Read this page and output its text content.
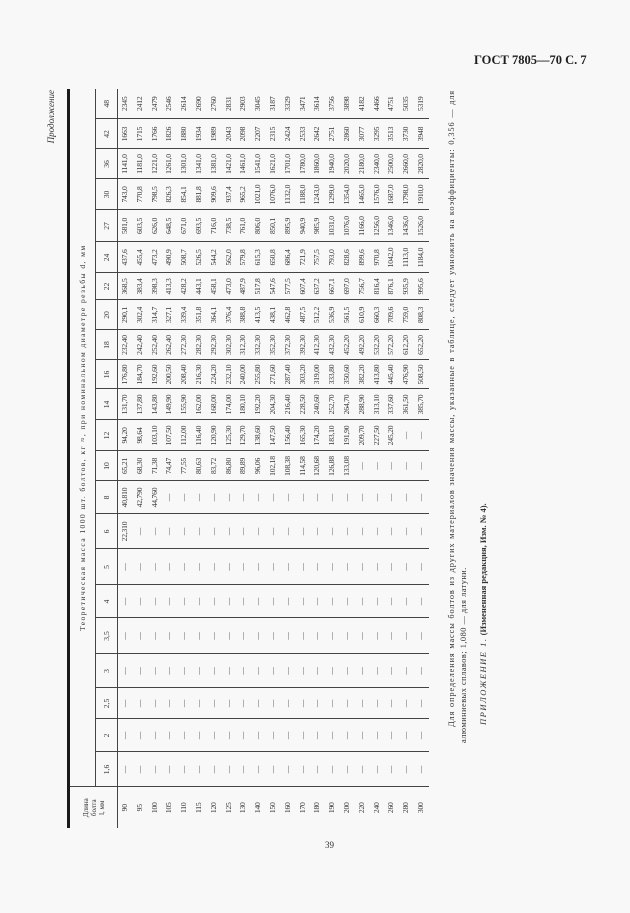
ГОСТ 7805—70 С. 7
Продолжение
Длина болта l, мм	Теоретическая масса 1000 шт. болтов, кг ≈, при номинальном диаметре резьбы d, мм																					
	1,6	2	2,5	3	3,5	4	5	6	8	10	12	14	16	18	20	22	24	27	30	36	42	48
90	—	—	—	—	—	—	—	22,310	40,810	65,21	94,20	131,70	176,80	232,40	290,1	368,5	437,6	581,0	743,0	1141,0	1663	2345
95	—	—	—	—	—	—	—	—	42,790	68,30	98,64	137,80	184,70	242,40	302,4	383,4	455,4	603,5	770,8	1181,0	1715	2412
100	—	—	—	—	—	—	—	—	44,760	71,38	103,10	143,80	192,60	252,40	314,7	398,3	473,2	626,0	798,5	1221,0	1766	2479
105	—	—	—	—	—	—	—	—	—	74,47	107,50	149,90	200,50	262,40	327,1	413,3	490,9	648,5	826,3	1261,0	1826	2546
110	—	—	—	—	—	—	—	—	—	77,55	112,00	155,90	208,40	272,30	339,4	428,2	508,7	671,0	854,1	1301,0	1880	2614
115	—	—	—	—	—	—	—	—	—	80,63	116,40	162,00	216,30	282,30	351,8	443,1	526,5	693,5	881,8	1341,0	1934	2690
120	—	—	—	—	—	—	—	—	—	83,72	120,90	168,00	224,20	292,30	364,1	458,1	544,2	716,0	909,6	1381,0	1989	2760
125	—	—	—	—	—	—	—	—	—	86,80	125,30	174,00	232,10	302,30	376,4	473,0	562,0	738,5	937,4	1421,0	2043	2831
130	—	—	—	—	—	—	—	—	—	89,89	129,70	180,10	240,00	312,30	388,8	487,9	579,8	761,0	965,2	1461,0	2098	2903
140	—	—	—	—	—	—	—	—	—	96,06	138,60	192,20	255,80	332,30	413,5	517,8	615,3	806,0	1021,0	1541,0	2207	3045
150	—	—	—	—	—	—	—	—	—	102,18	147,50	204,30	271,60	352,30	438,1	547,6	650,8	850,1	1076,0	1621,0	2315	3187
160	—	—	—	—	—	—	—	—	—	108,38	156,40	216,40	287,40	372,30	462,8	577,5	686,4	895,9	1132,0	1701,0	2424	3329
170	—	—	—	—	—	—	—	—	—	114,58	165,30	228,50	303,20	392,30	487,5	607,4	721,9	940,9	1188,0	1780,0	2533	3471
180	—	—	—	—	—	—	—	—	—	120,68	174,20	240,60	319,00	412,30	512,2	637,2	757,5	985,9	1243,0	1860,0	2642	3614
190	—	—	—	—	—	—	—	—	—	126,88	183,10	252,70	333,80	432,30	536,9	667,1	793,0	1031,0	1299,0	1940,0	2751	3756
200	—	—	—	—	—	—	—	—	—	133,08	191,90	264,70	350,60	452,20	561,5	697,0	828,6	1076,0	1354,0	2020,0	2860	3898
220	—	—	—	—	—	—	—	—	—	—	209,70	288,90	382,20	492,20	610,9	756,7	899,6	1166,0	1465,0	2180,0	3077	4182
240	—	—	—	—	—	—	—	—	—	—	227,50	313,10	413,80	532,20	660,3	816,4	970,8	1256,0	1576,0	2340,0	3295	4466
260	—	—	—	—	—	—	—	—	—	—	245,20	337,60	445,40	572,20	709,6	876,1	1042,0	1346,0	1687,0	2500,0	3513	4751
280	—	—	—	—	—	—	—	—	—	—	—	361,50	476,90	612,20	759,0	935,9	1113,0	1436,0	1798,0	2660,0	3730	5035
300	—	—	—	—	—	—	—	—	—	—	—	385,70	508,50	652,20	808,3	995,6	1184,0	1526,0	1910,0	2820,0	3948	5319	Для определения массы болтов из других материалов значения массы, указанные в таблице, следует умножить на коэффициенты: 0,356 — для алюминиевых сплавов; 1,080 — для латуни. ПРИЛОЖЕНИЕ 1. (Измененная редакция, Изм. № 4).
39
